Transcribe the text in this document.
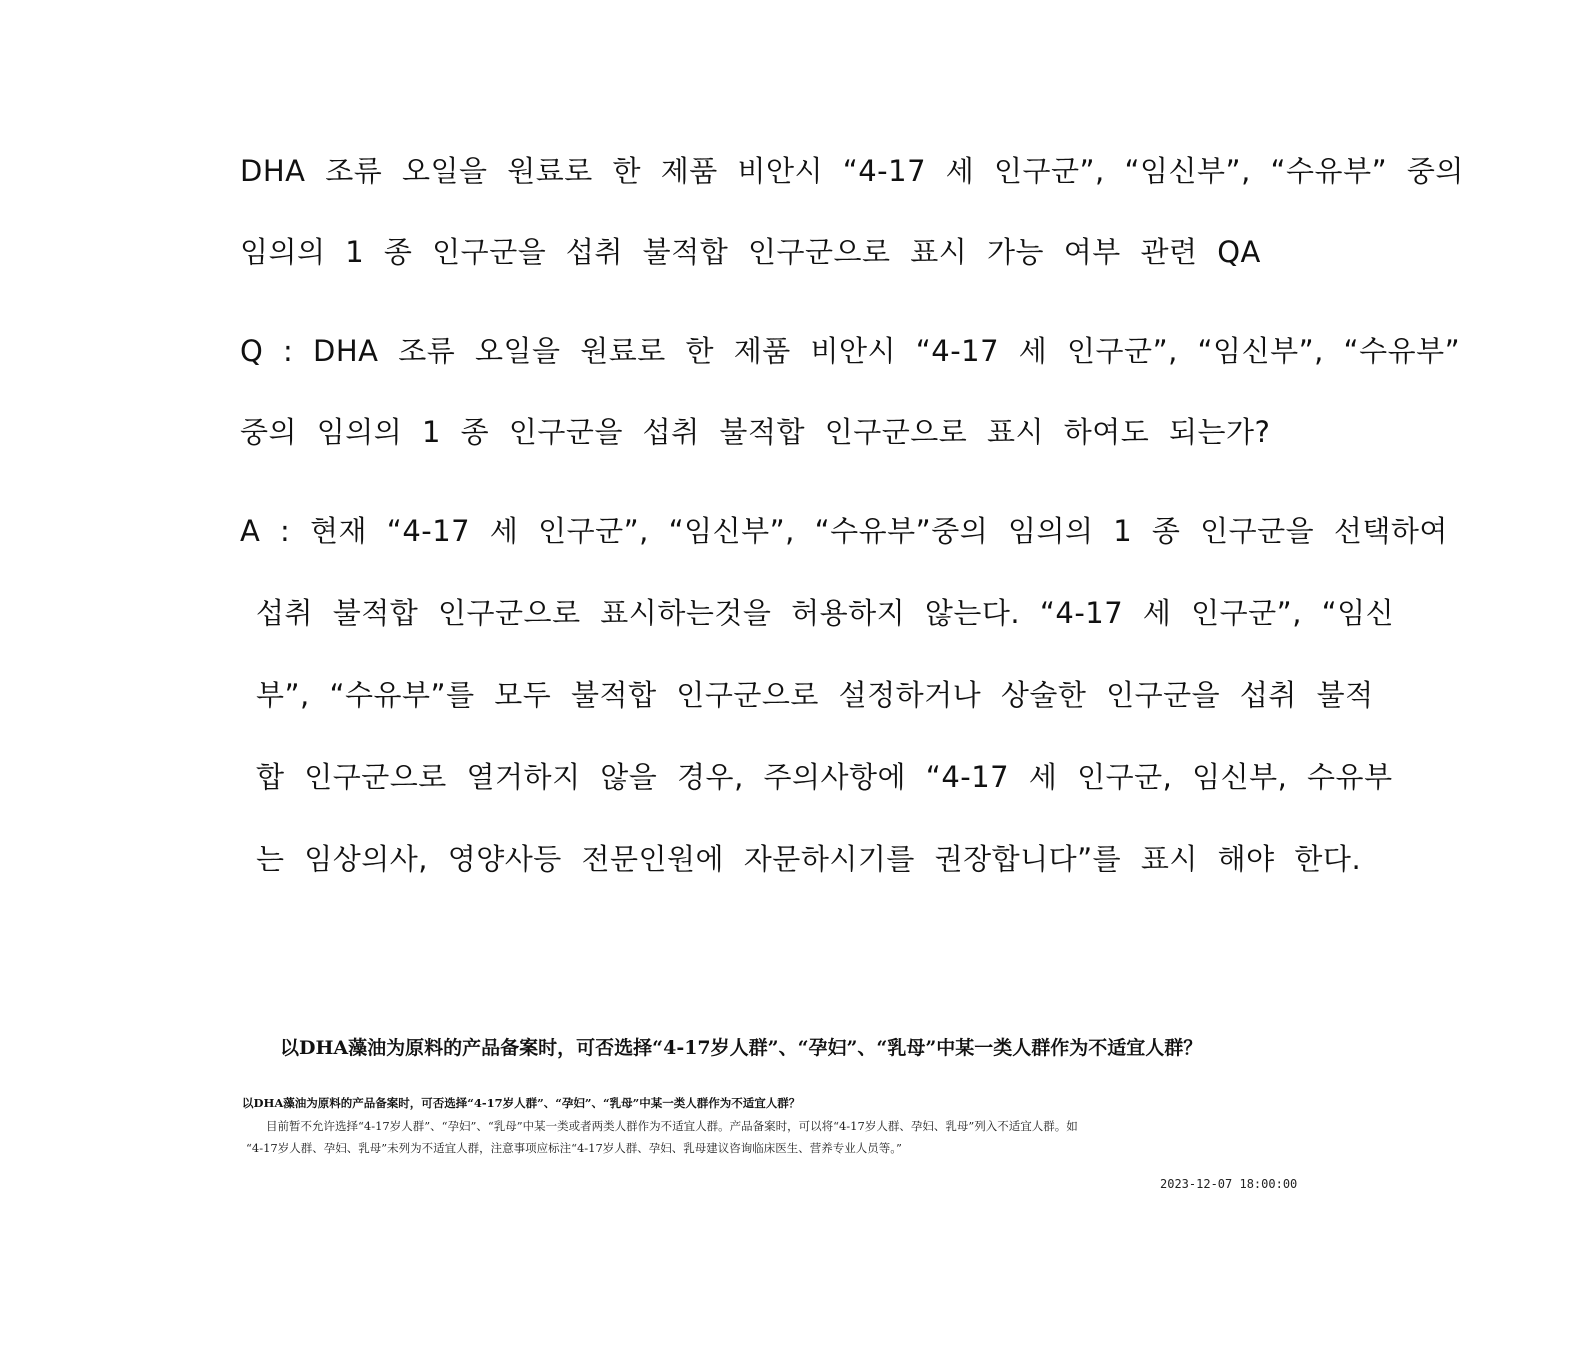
DHA 조류 오일을 원료로 한 제품 비안시 “4-17 세 인구군”, “임신부”, “수유부” 중의
임의의 1 종 인구군을 섭취 불적합 인구군으로 표시 가능 여부 관련 QA
Q : DHA 조류 오일을 원료로 한 제품 비안시 “4-17 세 인구군”, “임신부”, “수유부”
중의 임의의 1 종 인구군을 섭취 불적합 인구군으로 표시 하여도 되는가?
A : 현재 “4-17 세 인구군”, “임신부”, “수유부”중의 임의의 1 종 인구군을 선택하여
섭취 불적합 인구군으로 표시하는것을 허용하지 않는다. “4-17 세 인구군”, “임신
부”, “수유부”를 모두 불적합 인구군으로 설정하거나 상술한 인구군을 섭취 불적
합 인구군으로 열거하지 않을 경우, 주의사항에 “4-17 세 인구군, 임신부, 수유부
는 임상의사, 영양사등 전문인원에 자문하시기를 권장합니다”를 표시 해야 한다.
以DHA藻油为原料的产品备案时，可否选择“4-17岁人群”、“孕妇”、“乳母”中某一类人群作为不适宜人群？
以DHA藻油为原料的产品备案时，可否选择“4-17岁人群”、“孕妇”、“乳母”中某一类人群作为不适宜人群？
目前暂不允许选择“4-17岁人群”、“孕妇”、“乳母”中某一类或者两类人群作为不适宜人群。产品备案时，可以将“4-17岁人群、孕妇、乳母”列入不适宜人群。如
“4-17岁人群、孕妇、乳母”未列为不适宜人群，注意事项应标注“4-17岁人群、孕妇、乳母建议咨询临床医生、营养专业人员等。”
2023-12-07 18:00:00
